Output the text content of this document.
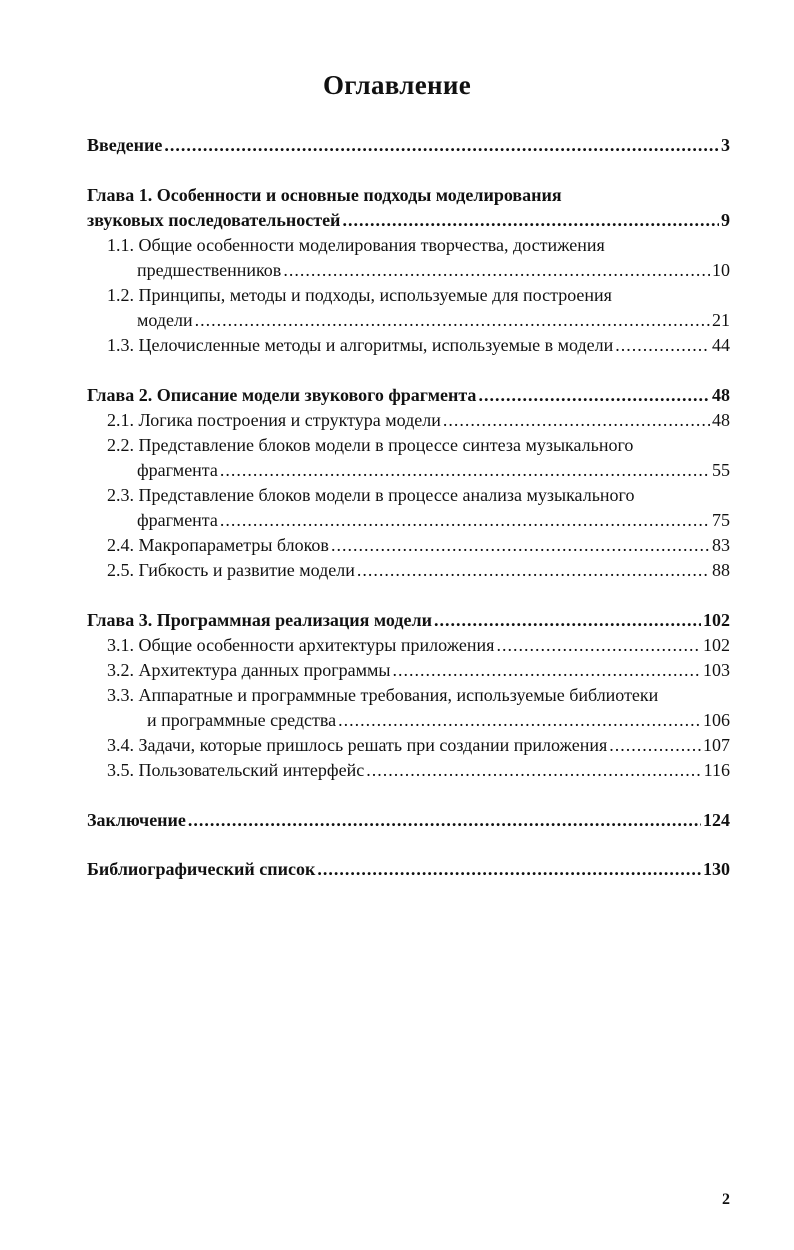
Оглавление
Введение .....	3
Глава 1. Особенности и основные подходы моделирования
звуковых последовательностей .....	9
1.1. Общие особенности моделирования творчества, достижения
предшественников .....	10
1.2. Принципы, методы и подходы, используемые для построения
модели .....	21
1.3. Целочисленные методы и алгоритмы, используемые в модели .....	44
Глава 2. Описание модели звукового фрагмента .....	48
2.1. Логика построения и структура модели .....	48
2.2. Представление блоков модели в процессе синтеза музыкального
фрагмента .....	55
2.3. Представление блоков модели в процессе анализа музыкального
фрагмента .....	75
2.4. Макропараметры блоков .....	83
2.5. Гибкость и развитие модели .....	88
Глава 3. Программная реализация модели .....	102
3.1. Общие особенности архитектуры приложения .....	102
3.2. Архитектура данных программы .....	103
3.3. Аппаратные и программные требования, используемые библиотеки
и программные средства .....	106
3.4. Задачи, которые пришлось решать при создании приложения .....	107
3.5. Пользовательский интерфейс .....	116
Заключение .....	124
Библиографический список .....	130
2
